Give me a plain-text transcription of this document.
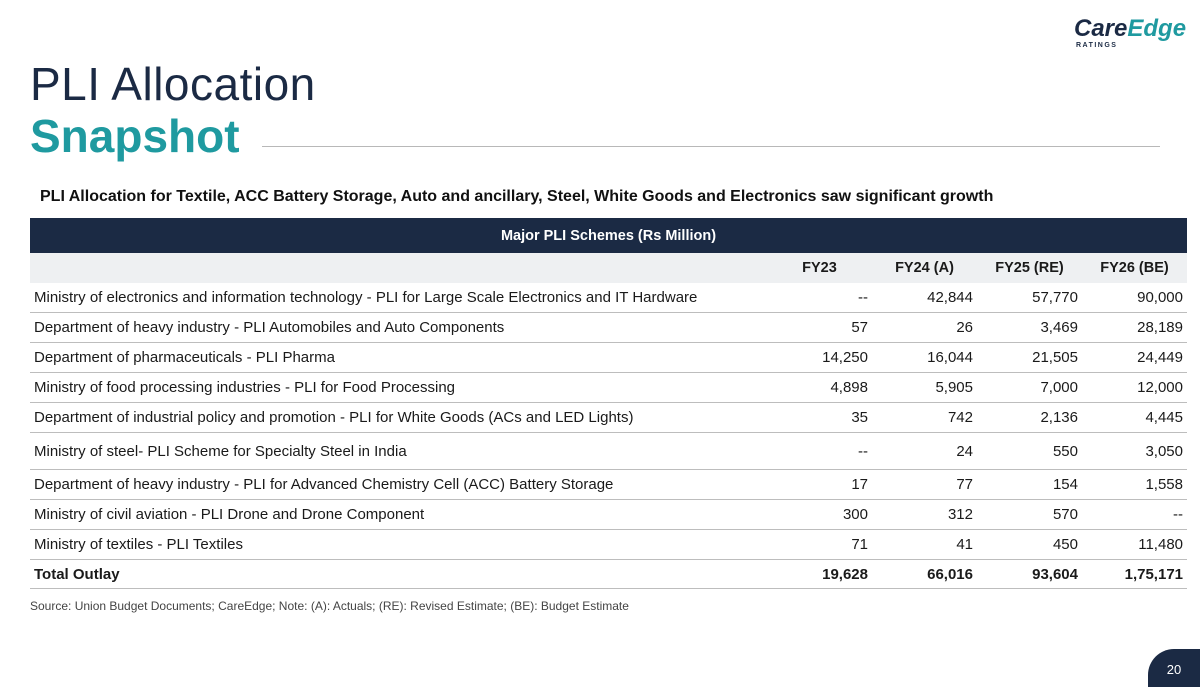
CareEdge
RATINGS
PLI Allocation
Snapshot

PLI Allocation for Textile, ACC Battery Storage, Auto and ancillary, Steel, White Goods and Electronics saw significant growth

Major PLI Schemes (Rs Million)				
	FY23	FY24 (A)	FY25 (RE)	FY26 (BE)
Ministry of electronics and information technology - PLI for Large Scale Electronics and IT Hardware	--	42,844	57,770	90,000
Department of heavy industry - PLI Automobiles and Auto Components	57	26	3,469	28,189
Department of pharmaceuticals - PLI Pharma	14,250	16,044	21,505	24,449
Ministry of food processing industries - PLI for Food Processing	4,898	5,905	7,000	12,000
Department of industrial policy and promotion - PLI for White Goods (ACs and LED Lights)	35	742	2,136	4,445
Ministry of steel- PLI Scheme for Specialty Steel in India	--	24	550	3,050
Department of heavy industry - PLI for Advanced Chemistry Cell (ACC) Battery Storage	17	77	154	1,558
Ministry of civil aviation - PLI Drone and Drone Component	300	312	570	--
Ministry of textiles - PLI Textiles	71	41	450	11,480
Total Outlay	19,628	66,016	93,604	1,75,171

Source: Union Budget Documents; CareEdge; Note: (A): Actuals; (RE): Revised Estimate; (BE): Budget Estimate

20
